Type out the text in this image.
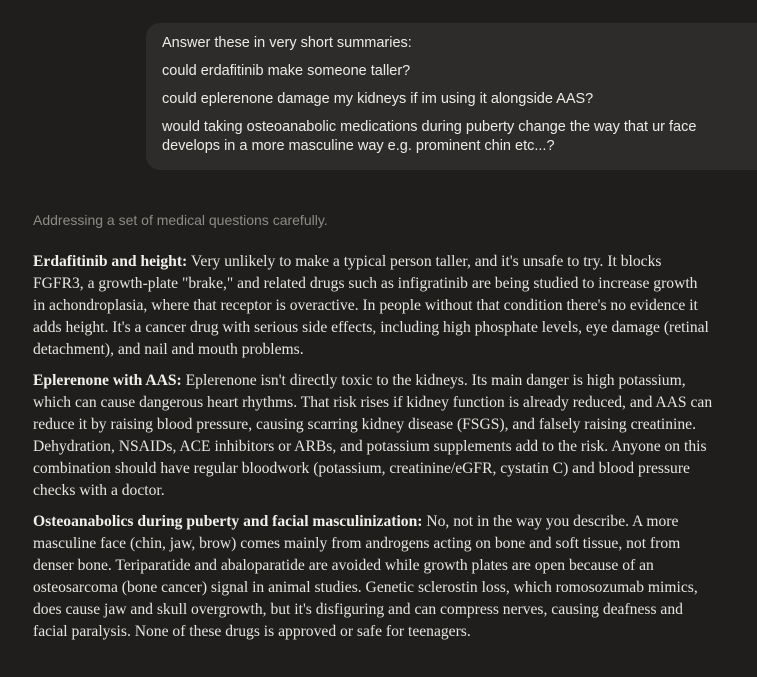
Answer these in very short summaries:
could erdafitinib make someone taller?
could eplerenone damage my kidneys if im using it alongside AAS?
would taking osteoanabolic medications during puberty change the way that ur face develops in a more masculine way e.g. prominent chin etc...?
Addressing a set of medical questions carefully.

Erdafitinib and height: Very unlikely to make a typical person taller, and it's unsafe to try. It blocks FGFR3, a growth-plate "brake," and related drugs such as infigratinib are being studied to increase growth in achondroplasia, where that receptor is overactive. In people without that condition there's no evidence it adds height. It's a cancer drug with serious side effects, including high phosphate levels, eye damage (retinal detachment), and nail and mouth problems.

Eplerenone with AAS: Eplerenone isn't directly toxic to the kidneys. Its main danger is high potassium, which can cause dangerous heart rhythms. That risk rises if kidney function is already reduced, and AAS can reduce it by raising blood pressure, causing scarring kidney disease (FSGS), and falsely raising creatinine. Dehydration, NSAIDs, ACE inhibitors or ARBs, and potassium supplements add to the risk. Anyone on this combination should have regular bloodwork (potassium, creatinine/eGFR, cystatin C) and blood pressure checks with a doctor.

Osteoanabolics during puberty and facial masculinization: No, not in the way you describe. A more masculine face (chin, jaw, brow) comes mainly from androgens acting on bone and soft tissue, not from denser bone. Teriparatide and abaloparatide are avoided while growth plates are open because of an osteosarcoma (bone cancer) signal in animal studies. Genetic sclerostin loss, which romosozumab mimics, does cause jaw and skull overgrowth, but it's disfiguring and can compress nerves, causing deafness and facial paralysis. None of these drugs is approved or safe for teenagers.
